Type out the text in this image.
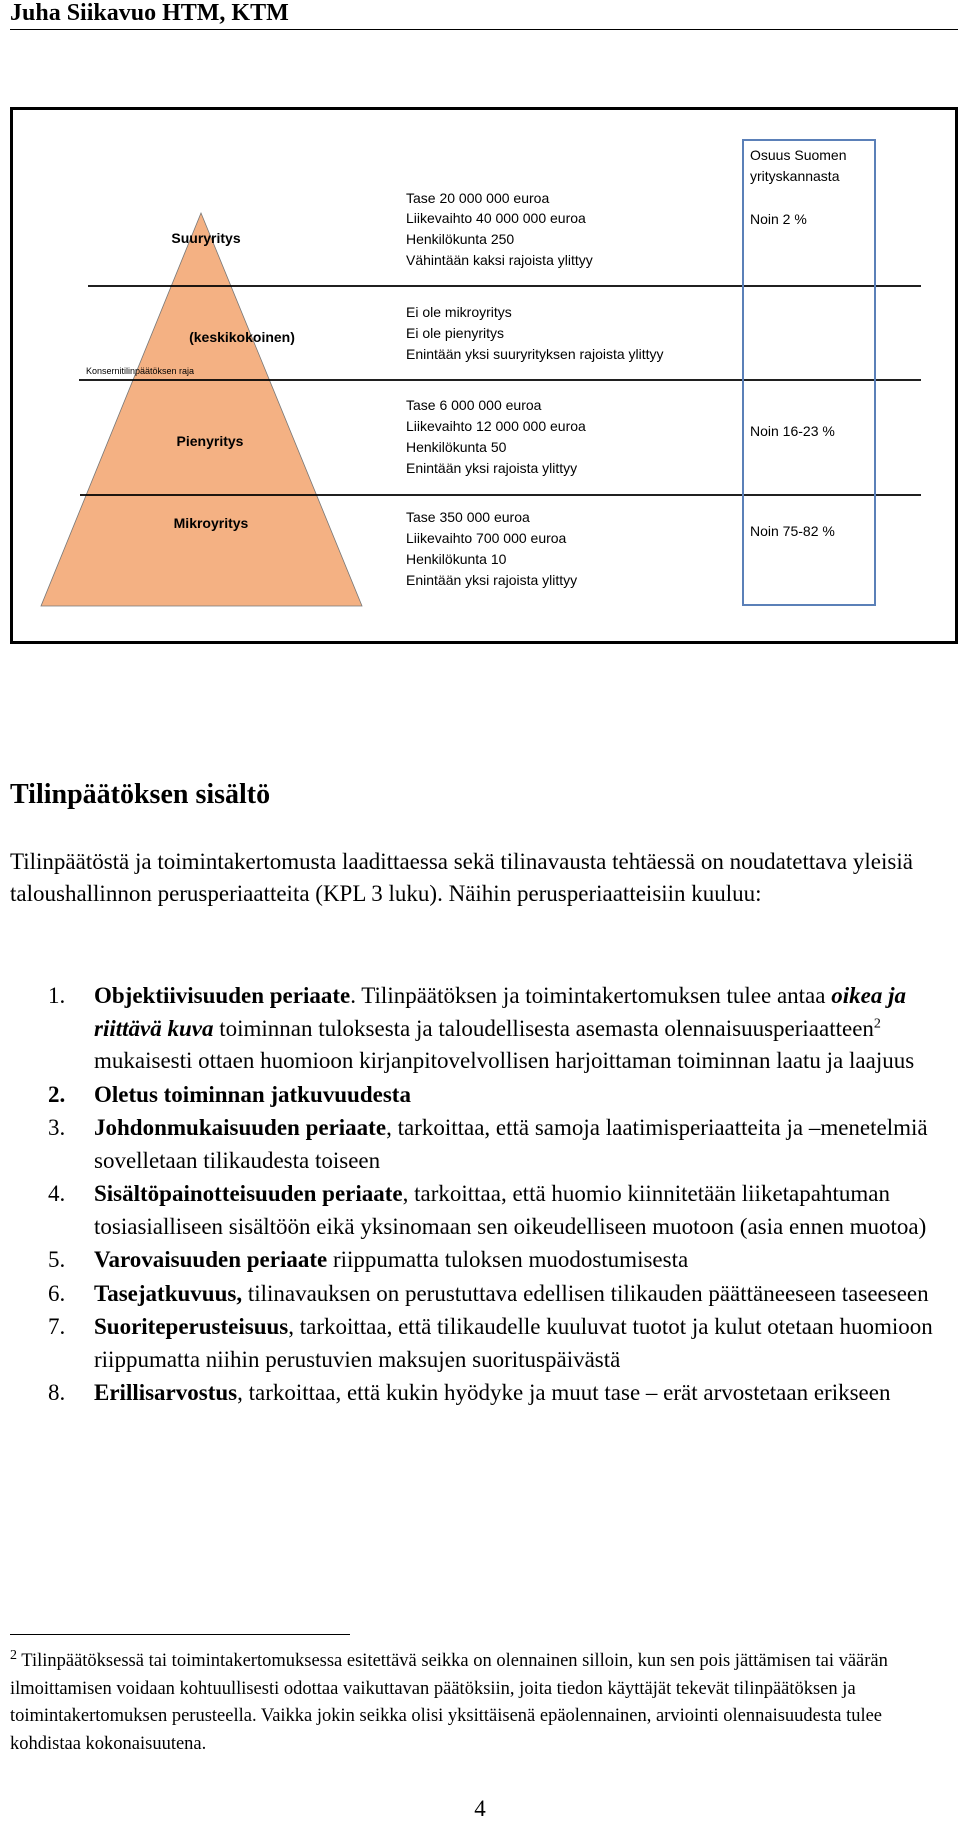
Juha Siikavuo HTM, KTM
Suuryritys
(keskikokoinen)
Konsernitilinpäätöksen raja
Pienyritys
Mikroyritys
Tase 20 000 000 euroa
Liikevaihto 40 000 000 euroa
Henkilökunta 250
Vähintään kaksi rajoista ylittyy
Ei ole mikroyritys
Ei ole pienyritys
Enintään yksi suuryrityksen rajoista ylittyy
Tase 6 000 000 euroa
Liikevaihto 12 000 000 euroa
Henkilökunta 50
Enintään yksi rajoista ylittyy
Tase 350 000 euroa
Liikevaihto 700 000 euroa
Henkilökunta 10
Enintään yksi rajoista ylittyy
Osuus Suomen
yrityskannasta
Noin 2 %
Noin 16-23 %
Noin 75-82 %
Tilinpäätöksen sisältö
Tilinpäätöstä ja toimintakertomusta laadittaessa sekä tilinavausta tehtäessä on noudatettava yleisiä taloushallinnon perusperiaatteita (KPL 3 luku). Näihin perusperiaatteisiin kuuluu:
1. Objektiivisuuden periaate. Tilinpäätöksen ja toimintakertomuksen tulee antaa oikea ja riittävä kuva toiminnan tuloksesta ja taloudellisesta asemasta olennaisuusperiaatteen$^2$ mukaisesti ottaen huomioon kirjanpitovelvollisen harjoittaman toiminnan laatu ja laajuus
2. Oletus toiminnan jatkuvuudesta
3. Johdonmukaisuuden periaate, tarkoittaa, että samoja laatimisperiaatteita ja –menetelmiä sovelletaan tilikaudesta toiseen
4. Sisältöpainotteisuuden periaate, tarkoittaa, että huomio kiinnitetään liiketapahtuman tosiasialliseen sisältöön eikä yksinomaan sen oikeudelliseen muotoon (asia ennen muotoa)
5. Varovaisuuden periaate riippumatta tuloksen muodostumisesta
6. Tasejatkuvuus, tilinavauksen on perustuttava edellisen tilikauden päättäneeseen taseeseen
7. Suoriteperusteisuus, tarkoittaa, että tilikaudelle kuuluvat tuotot ja kulut otetaan huomioon riippumatta niihin perustuvien maksujen suorituspäivästä
8. Erillisarvostus, tarkoittaa, että kukin hyödyke ja muut tase – erät arvostetaan erikseen
$^2$ Tilinpäätöksessä tai toimintakertomuksessa esitettävä seikka on olennainen silloin, kun sen pois jättämisen tai väärän ilmoittamisen voidaan kohtuullisesti odottaa vaikuttavan päätöksiin, joita tiedon käyttäjät tekevät tilinpäätöksen ja toimintakertomuksen perusteella. Vaikka jokin seikka olisi yksittäisenä epäolennainen, arviointi olennaisuudesta tulee kohdistaa kokonaisuutena.
4
